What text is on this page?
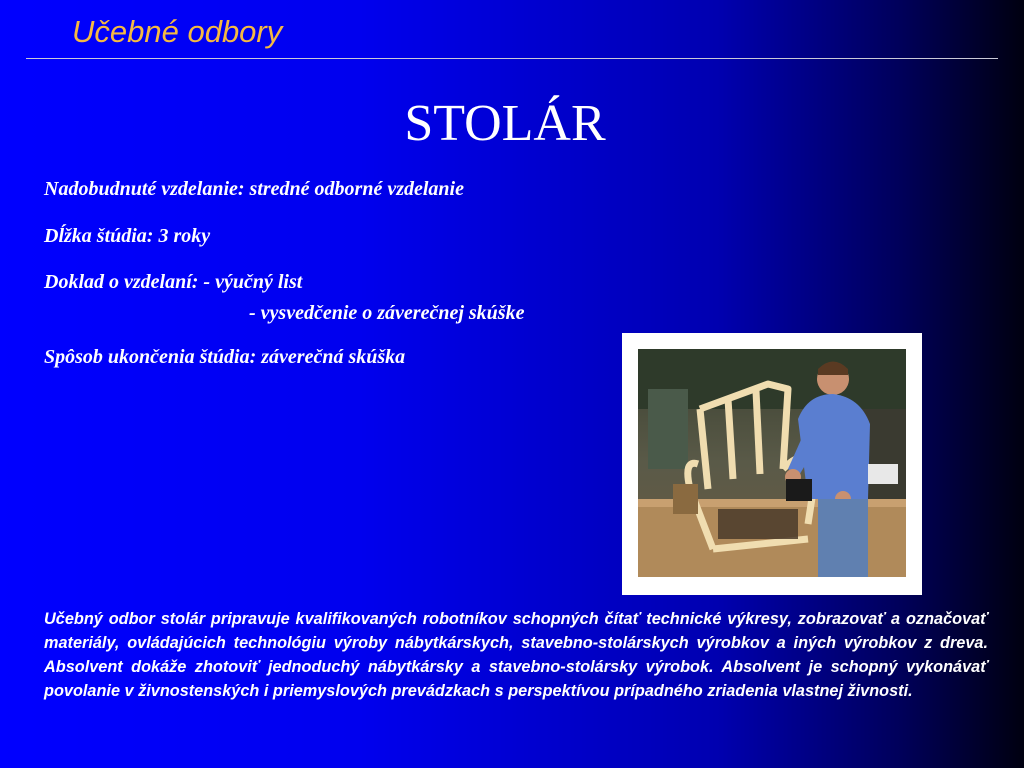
Učebné odbory
STOLÁR
Nadobudnuté vzdelanie: stredné odborné vzdelanie
Dĺžka štúdia: 3 roky
Doklad o vzdelaní: - výučný list
- vysvedčenie o záverečnej skúške
Spôsob ukončenia štúdia: záverečná skúška
Učebný odbor stolár pripravuje kvalifikovaných robotníkov schopných čítať technické výkresy, zobrazovať a označovať materiály, ovládajúcich technológiu výroby nábytkárskych, stavebno-stolárskych výrobkov a iných výrobkov z dreva. Absolvent dokáže zhotoviť jednoduchý nábytkársky a stavebno-stolársky výrobok. Absolvent je schopný vykonávať povolanie v živnostenských i priemyslových prevádzkach s perspektívou prípadného zriadenia vlastnej živnosti.
